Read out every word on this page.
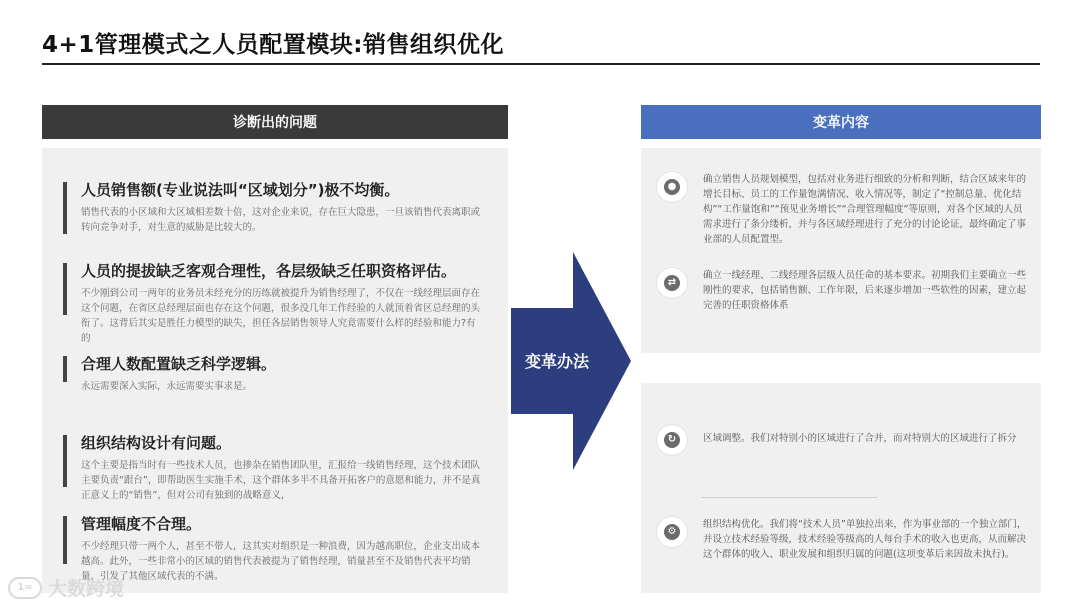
4+1管理模式之人员配置模块:销售组织优化
诊断出的问题
人员销售额(专业说法叫“区域划分”)极不均衡。
销售代表的小区域和大区域相差数十倍，这对企业来说，存在巨大隐患，一旦该销售代表离职或转向竞争对手，对生意的威胁是比较大的。
人员的提拔缺乏客观合理性，各层级缺乏任职资格评估。
不少刚到公司一两年的业务员未经充分的历练就被提升为销售经理了，不仅在一线经理层面存在这个问题，在省区总经理层面也存在这个问题，很多没几年工作经验的人就顶着省区总经理的头衔了。这背后其实是胜任力模型的缺失，担任各层销售领导人究竟需要什么样的经验和能力?有的
合理人数配置缺乏科学逻辑。
永远需要深入实际，永远需要实事求是。
组织结构设计有问题。
这个主要是指当时有一些技术人员，也掺杂在销售团队里，汇报给一线销售经理，这个技术团队主要负责“跟台”，即帮助医生实施手术，这个群体多半不具备开拓客户的意愿和能力，并不是真正意义上的“销售”，但对公司有独到的战略意义，
管理幅度不合理。
不少经理只带一两个人，甚至不带人，这其实对组织是一种浪费，因为越高职位，企业支出成本越高。此外，一些非常小的区域的销售代表被提为了销售经理，销量甚至不及销售代表平均销量，引发了其他区域代表的不满。
变革办法
变革内容
●
确立销售人员规划模型，包括对业务进行细致的分析和判断，结合区域来年的增长目标、员工的工作量饱满情况、收入情况等，制定了“控制总量、优化结构”“工作量饱和”“预见业务增长”“合理管理幅度”等原则，对各个区域的人员需求进行了条分缕析，并与各区域经理进行了充分的讨论论证，最终确定了事业部的人员配置型。
⇄
确立一线经理、二线经理各层级人员任命的基本要求。初期我们主要确立一些刚性的要求，包括销售额、工作年限，后来逐步增加一些软性的因素，建立起完善的任职资格体系
↻	区域调整。我们对特别小的区域进行了合并，而对特别大的区域进行了拆分
⚙
组织结构优化。我们将“技术人员”单独拉出来，作为事业部的一个独立部门，并设立技术经验等级，技术经验等级高的人每台手术的收入也更高，从而解决这个群体的收入、职业发展和组织归属的问题(这项变革后来因故未执行)。
1∞ 大数跨境
